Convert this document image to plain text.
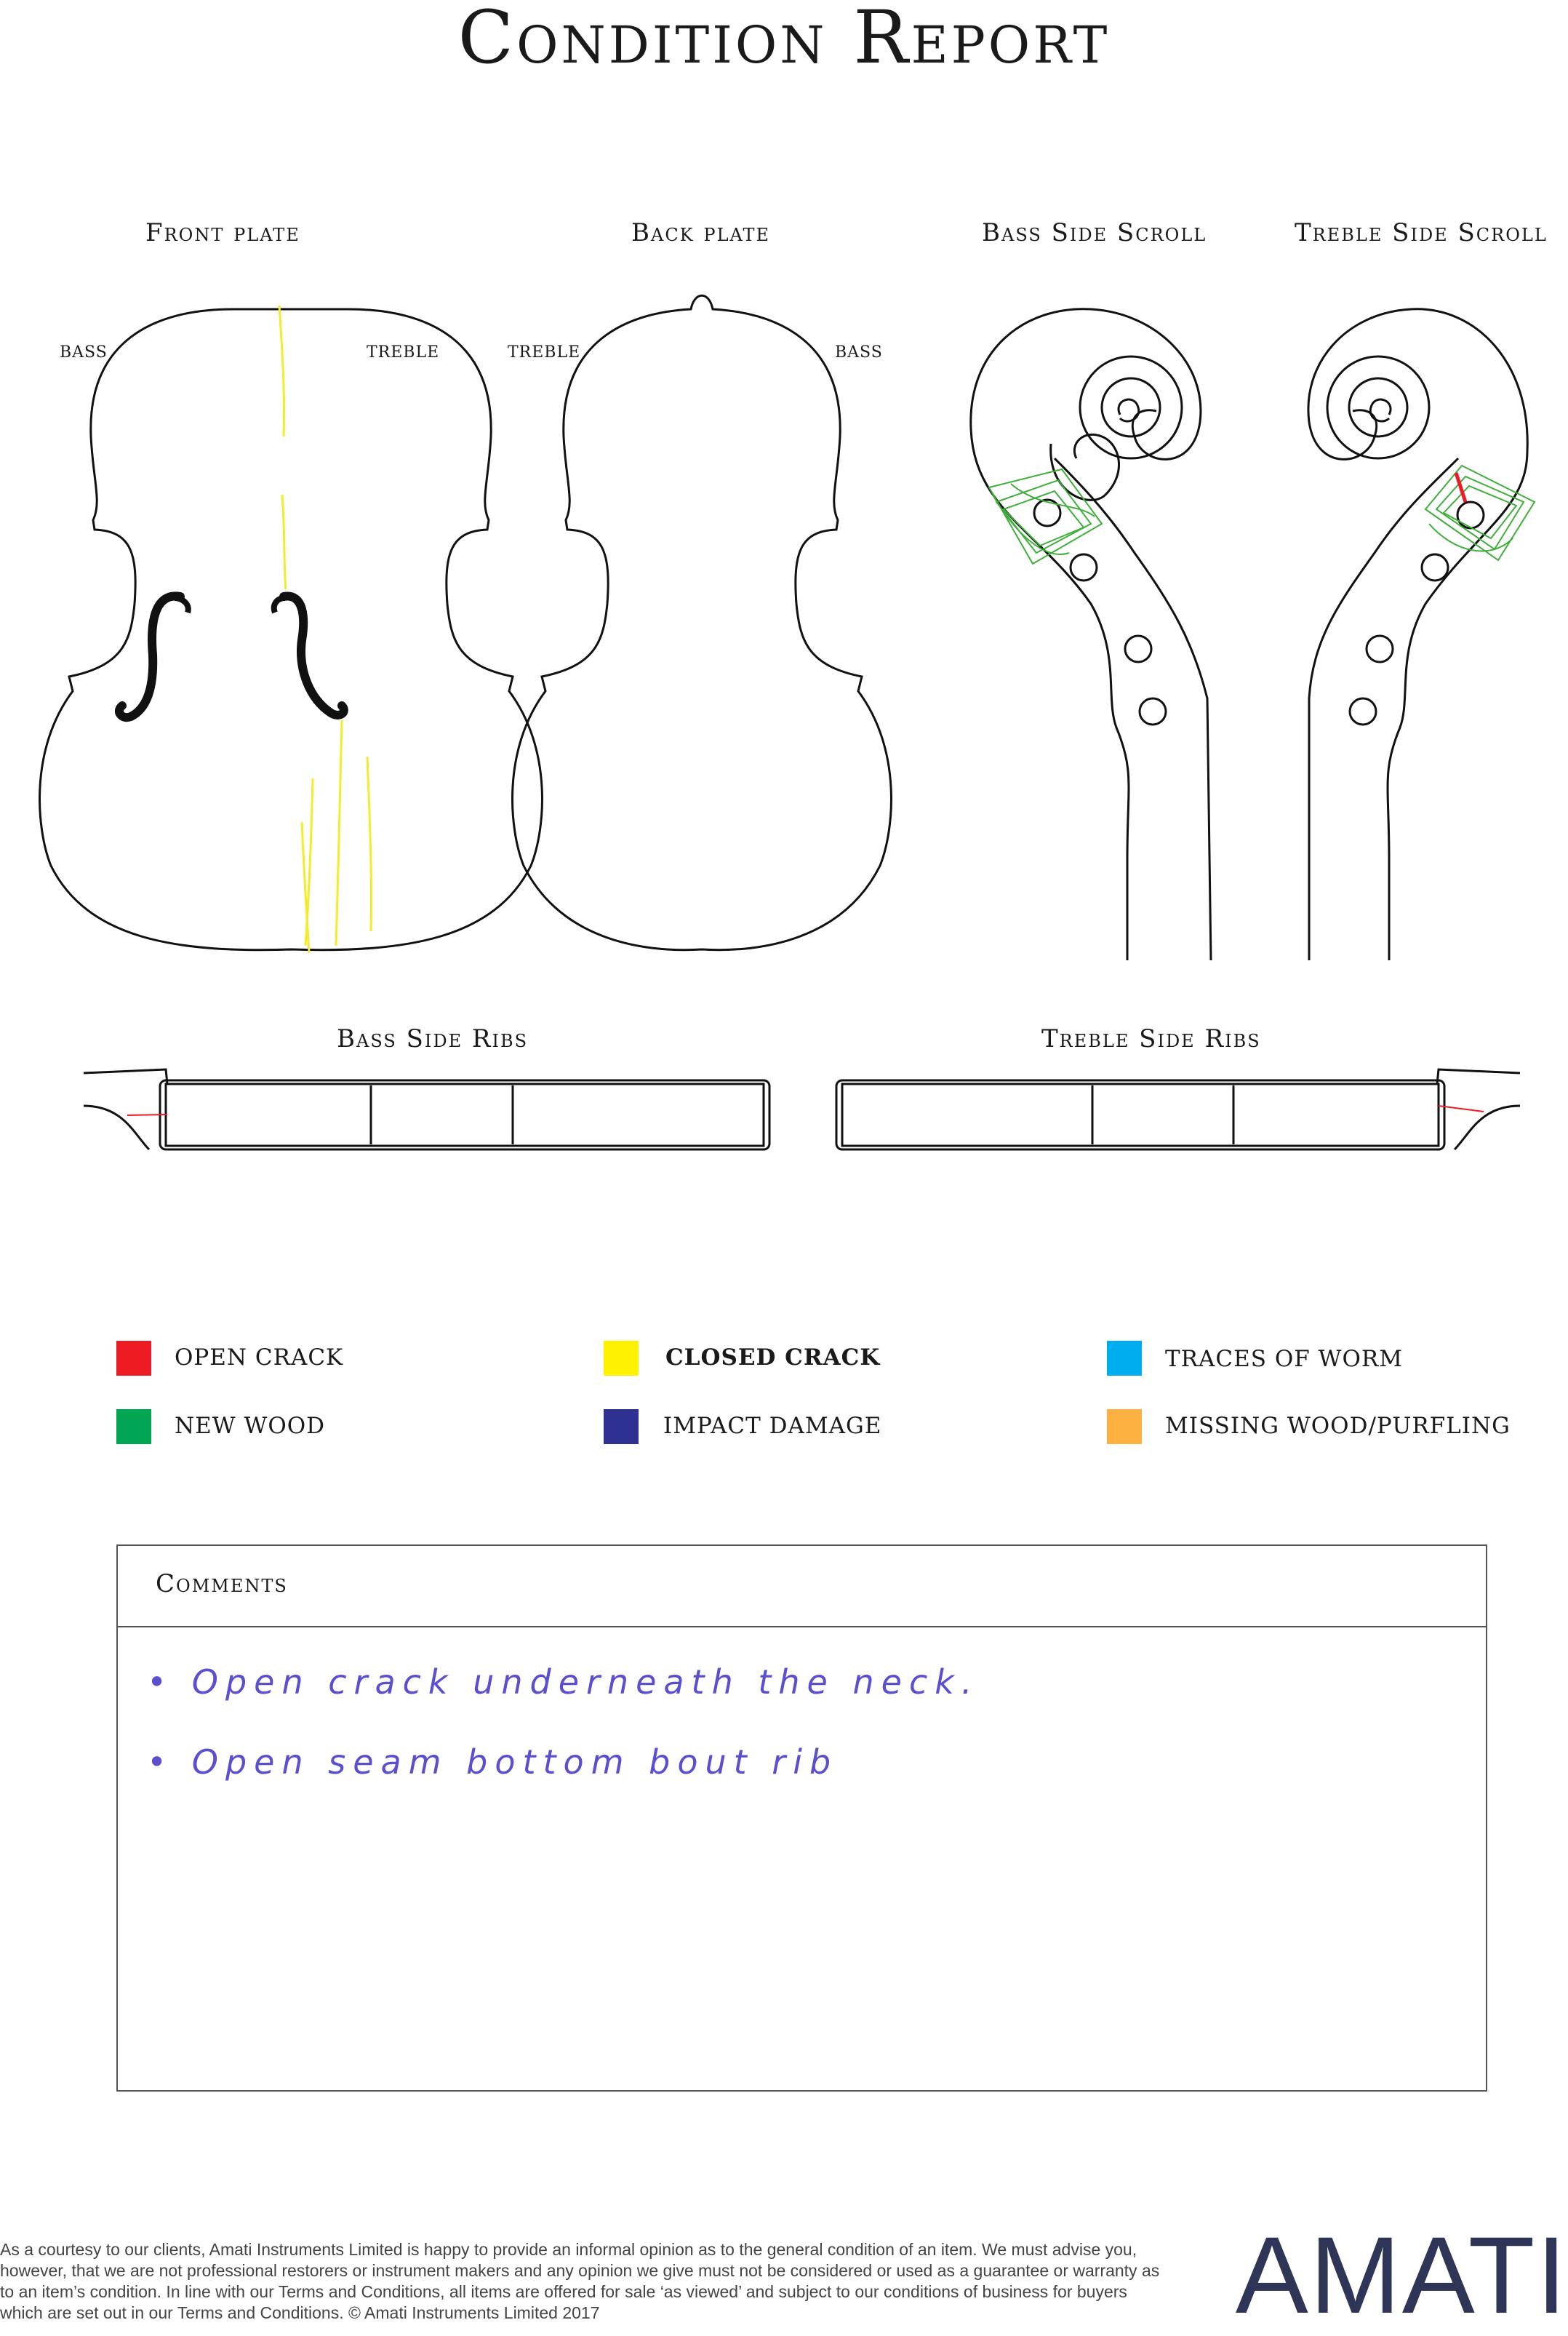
Condition Report
Front plate	Back plate	Bass Side Scroll	Treble Side Scroll
BASS	TREBLE	TREBLE	BASS
Bass Side Ribs	Treble Side Ribs
OPEN CRACK	CLOSED CRACK	TRACES OF WORM
NEW WOOD	IMPACT DAMAGE	MISSING WOOD/PURFLING
Comments
• Open crack underneath the neck.
• Open seam bottom bout rib
As a courtesy to our clients, Amati Instruments Limited is happy to provide an informal opinion as to the general condition of an item. We must advise you, however, that we are not professional restorers or instrument makers and any opinion we give must not be considered or used as a guarantee or warranty as to an item’s condition. In line with our Terms and Conditions, all items are offered for sale ‘as viewed’ and subject to our conditions of business for buyers which are set out in our Terms and Conditions. © Amati Instruments Limited 2017	AMATI
